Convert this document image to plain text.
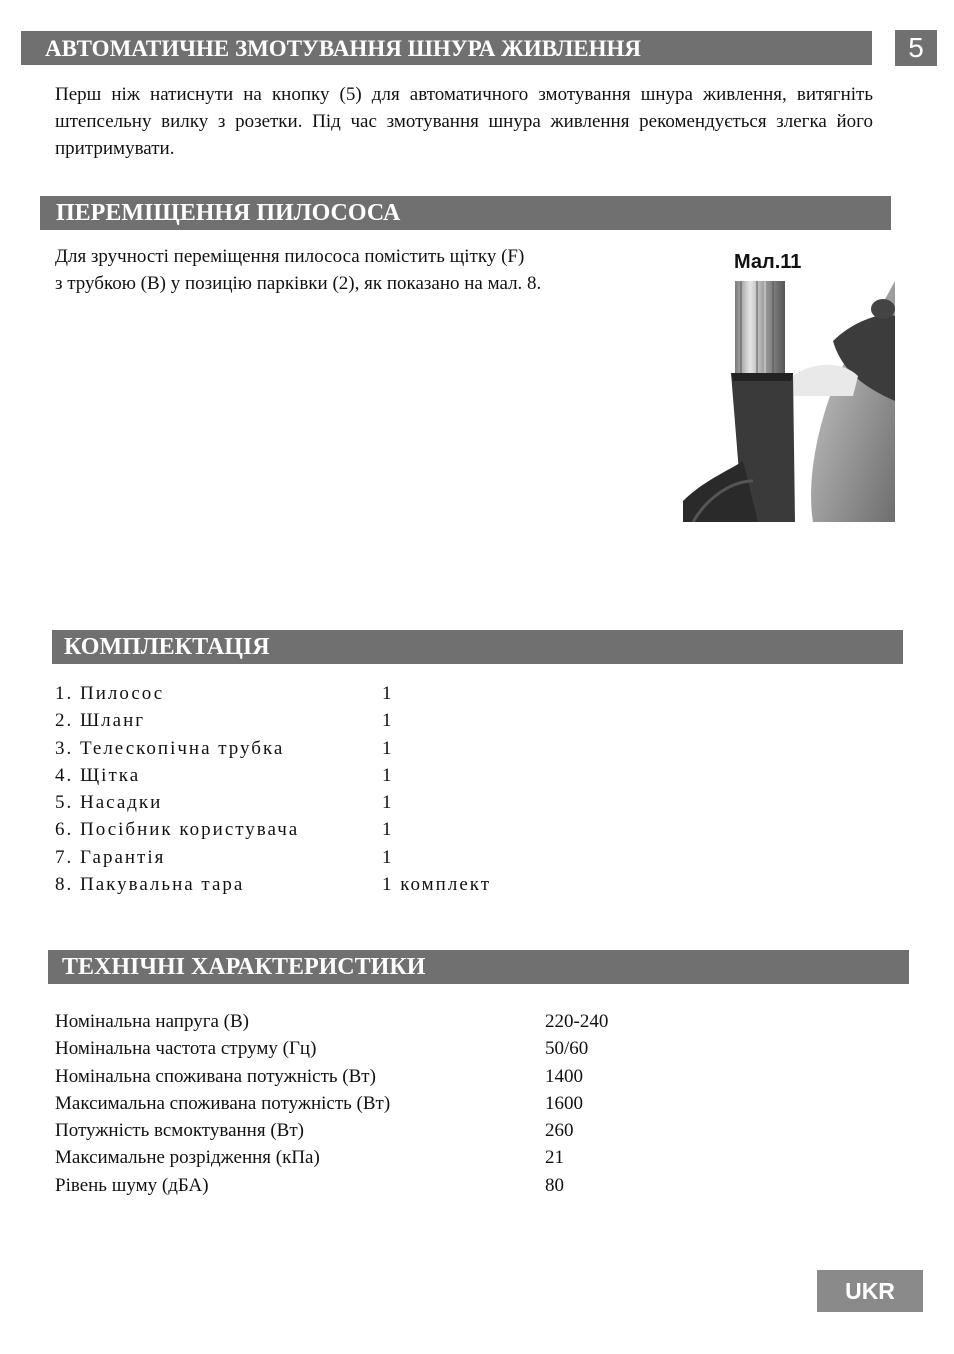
АВТОМАТИЧНЕ ЗМОТУВАННЯ ШНУРА ЖИВЛЕННЯ	5

Перш ніж натиснути на кнопку (5) для автоматичного змотування шнура живлення, витягніть штепсельну вилку з розетки. Під час змотування шнура живлення рекомендується злегка його притримувати.

ПЕРЕМІЩЕННЯ ПИЛОСОСА

Для зручності переміщення пилососа помістить щітку (F)
з трубкою (B) у позицію парківки (2), як показано на мал. 8.

Мал.11
КОМПЛЕКТАЦІЯ
1. Пилосос	1
2. Шланг	1
3. Телескопічна трубка	1
4. Щітка	1
5. Насадки	1
6. Посібник користувача	1
7. Гарантія	1
8. Пакувальна тара	1 комплект
ТЕХНІЧНІ ХАРАКТЕРИСТИКИ
Номінальна напруга (В)	220-240
Номінальна частота струму (Гц)	50/60
Номінальна споживана потужність (Вт)	1400
Максимальна споживана потужність (Вт)	1600
Потужність всмоктування (Вт)	260
Максимальне розрідження (кПа)	21
Рівень шуму (дБА)	80
UKR
